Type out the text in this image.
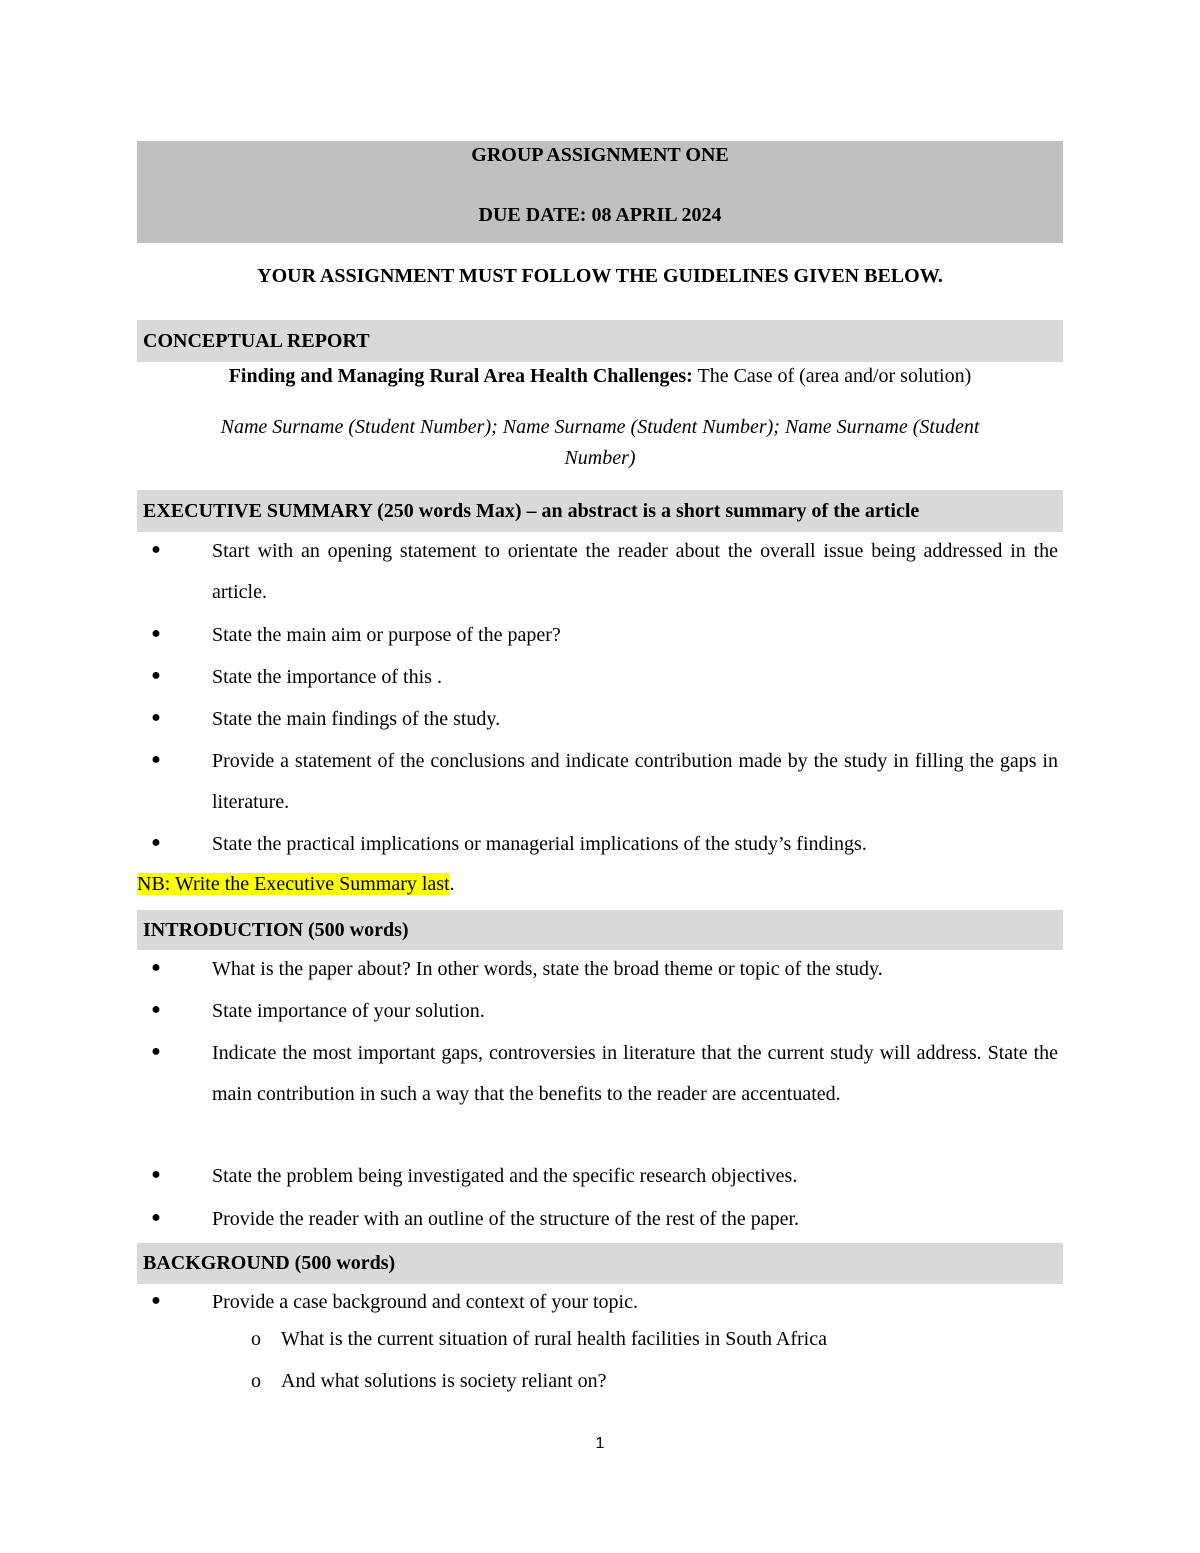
GROUP ASSIGNMENT ONE
DUE DATE: 08 APRIL 2024
YOUR ASSIGNMENT MUST FOLLOW THE GUIDELINES GIVEN BELOW.
CONCEPTUAL REPORT
Finding and Managing Rural Area Health Challenges: The Case of (area and/or solution)
Name Surname (Student Number); Name Surname (Student Number); Name Surname (Student
Number)
EXECUTIVE SUMMARY (250 words Max) – an abstract is a short summary of the article
●	Start with an opening statement to orientate the reader about the overall issue being addressed in the article.
●	State the main aim or purpose of the paper?
●	State the importance of this .
●	State the main findings of the study.
●	Provide a statement of the conclusions and indicate contribution made by the study in filling the gaps in literature.
●	State the practical implications or managerial implications of the study’s findings.
NB: Write the Executive Summary last.
INTRODUCTION (500 words)
●	What is the paper about? In other words, state the broad theme or topic of the study.
●	State importance of your solution.
●	Indicate the most important gaps, controversies in literature that the current study will address. State the main contribution in such a way that the benefits to the reader are accentuated.
●	State the problem being investigated and the specific research objectives.
●	Provide the reader with an outline of the structure of the rest of the paper.
BACKGROUND (500 words)
●	Provide a case background and context of your topic.
o What is the current situation of rural health facilities in South Africa
o And what solutions is society reliant on?
1
